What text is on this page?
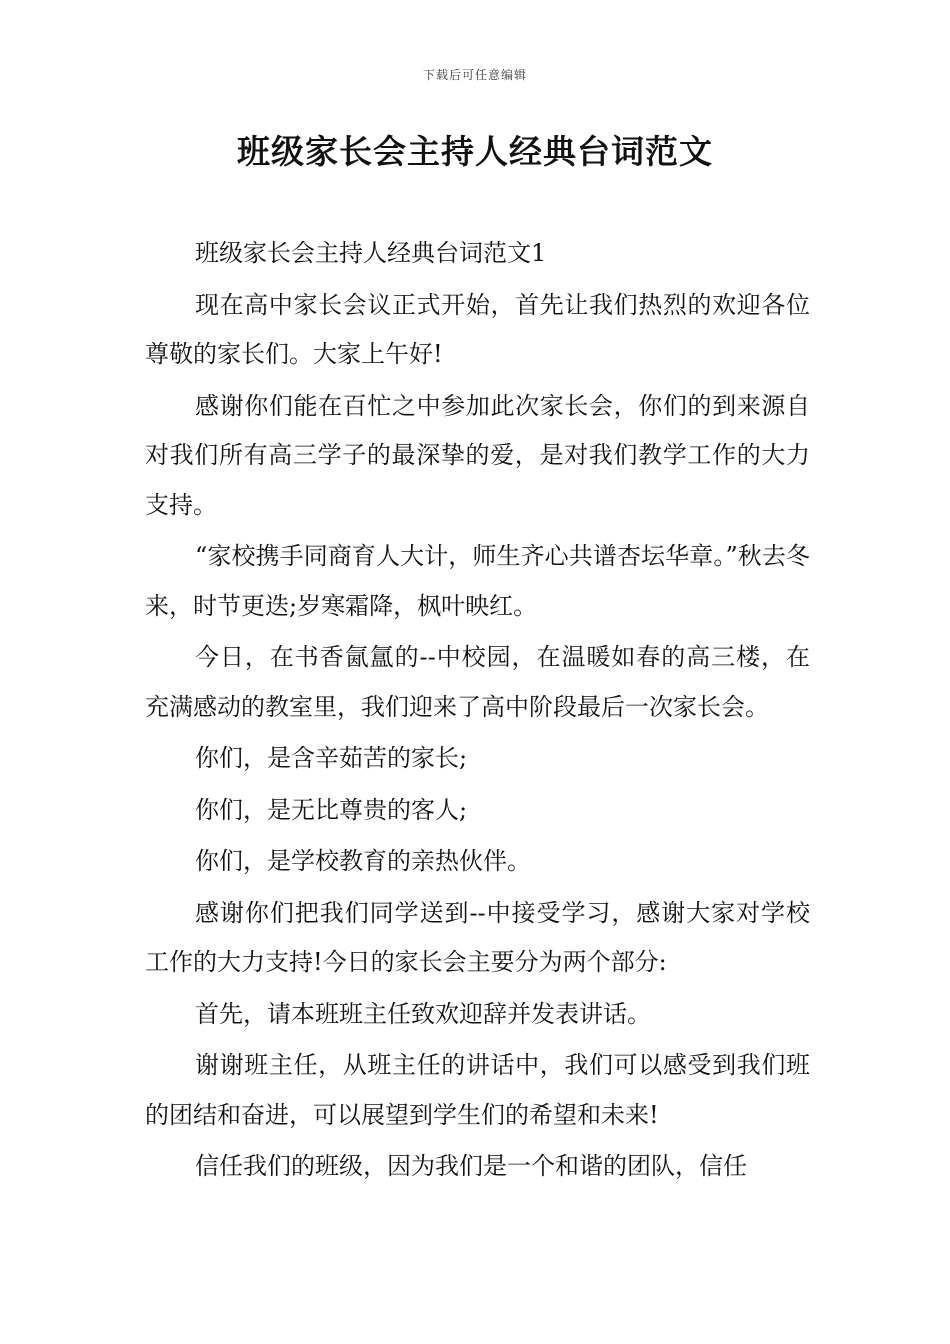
下载后可任意编辑
班级家长会主持人经典台词范文

班级家长会主持人经典台词范文1

现在高中家长会议正式开始，首先让我们热烈的欢迎各位尊敬的家长们。大家上午好!

感谢你们能在百忙之中参加此次家长会，你们的到来源自对我们所有高三学子的最深挚的爱，是对我们教学工作的大力支持。

“家校携手同商育人大计，师生齐心共谱杏坛华章。”秋去冬来，时节更迭;岁寒霜降，枫叶映红。

今日，在书香氤氲的--中校园，在温暖如春的高三楼，在充满感动的教室里，我们迎来了高中阶段最后一次家长会。

你们，是含辛茹苦的家长;

你们，是无比尊贵的客人;

你们，是学校教育的亲热伙伴。

感谢你们把我们同学送到--中接受学习，感谢大家对学校工作的大力支持!今日的家长会主要分为两个部分:

首先，请本班班主任致欢迎辞并发表讲话。

谢谢班主任，从班主任的讲话中，我们可以感受到我们班的团结和奋进，可以展望到学生们的希望和未来!

信任我们的班级，因为我们是一个和谐的团队，信任
